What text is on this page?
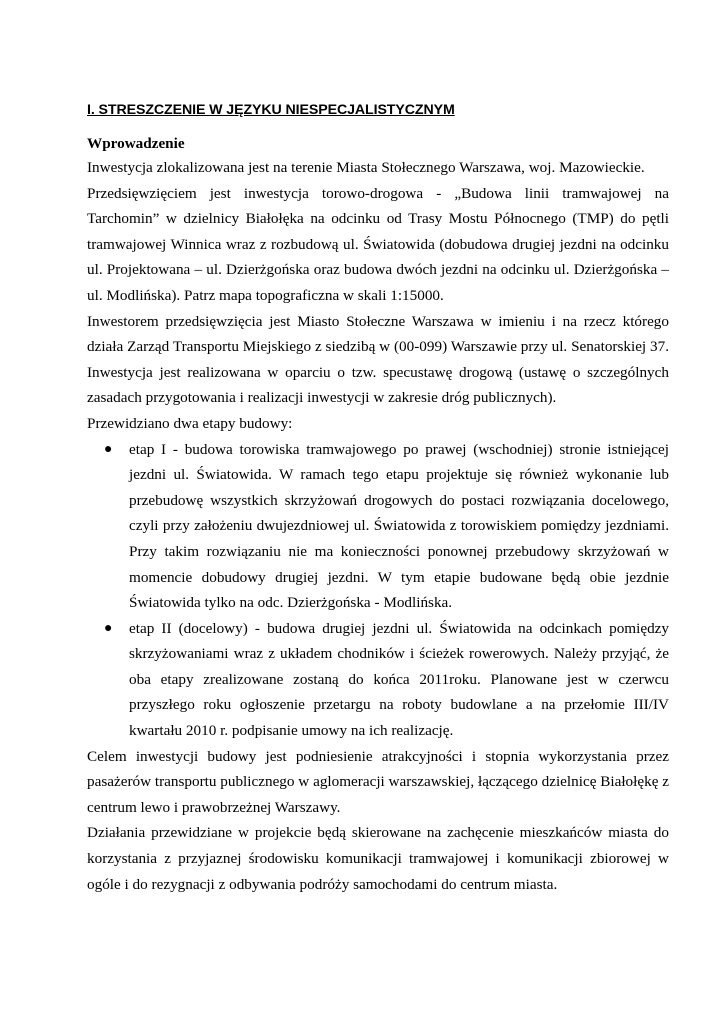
I. STRESZCZENIE W JĘZYKU NIESPECJALISTYCZNYM
Wprowadzenie

Inwestycja zlokalizowana jest na terenie Miasta Stołecznego Warszawa, woj. Mazowieckie.

Przedsięwzięciem jest inwestycja torowo-drogowa - „Budowa linii tramwajowej na Tarchomin” w dzielnicy Białołęka na odcinku od Trasy Mostu Północnego (TMP) do pętli tramwajowej Winnica wraz z rozbudową ul. Światowida (dobudowa drugiej jezdni na odcinku ul. Projektowana – ul. Dzierżgońska oraz budowa dwóch jezdni na odcinku ul. Dzierżgońska – ul. Modlińska). Patrz mapa topograficzna w skali 1:15000.

Inwestorem przedsięwzięcia jest Miasto Stołeczne Warszawa w imieniu i na rzecz którego działa Zarząd Transportu Miejskiego z siedzibą w (00-099) Warszawie przy ul. Senatorskiej 37. Inwestycja jest realizowana w oparciu o tzw. specustawę drogową (ustawę o szczególnych zasadach przygotowania i realizacji inwestycji w zakresie dróg publicznych).

Przewidziano dwa etapy budowy:

● etap I - budowa torowiska tramwajowego po prawej (wschodniej) stronie istniejącej jezdni ul. Światowida. W ramach tego etapu projektuje się również wykonanie lub przebudowę wszystkich skrzyżowań drogowych do postaci rozwiązania docelowego, czyli przy założeniu dwujezdniowej ul. Światowida z torowiskiem pomiędzy jezdniami. Przy takim rozwiązaniu nie ma konieczności ponownej przebudowy skrzyżowań w momencie dobudowy drugiej jezdni. W tym etapie budowane będą obie jezdnie Światowida tylko na odc. Dzierżgońska - Modlińska.
● etap II (docelowy) - budowa drugiej jezdni ul. Światowida na odcinkach pomiędzy skrzyżowaniami wraz z układem chodników i ścieżek rowerowych. Należy przyjąć, że oba etapy zrealizowane zostaną do końca 2011roku. Planowane jest w czerwcu przyszłego roku ogłoszenie przetargu na roboty budowlane a na przełomie III/IV kwartału 2010 r. podpisanie umowy na ich realizację.

Celem inwestycji budowy jest podniesienie atrakcyjności i stopnia wykorzystania przez pasażerów transportu publicznego w aglomeracji warszawskiej, łączącego dzielnicę Białołękę z centrum lewo i prawobrzeżnej Warszawy.

Działania przewidziane w projekcie będą skierowane na zachęcenie mieszkańców miasta do korzystania z przyjaznej środowisku komunikacji tramwajowej i komunikacji zbiorowej w ogóle i do rezygnacji z odbywania podróży samochodami do centrum miasta.
